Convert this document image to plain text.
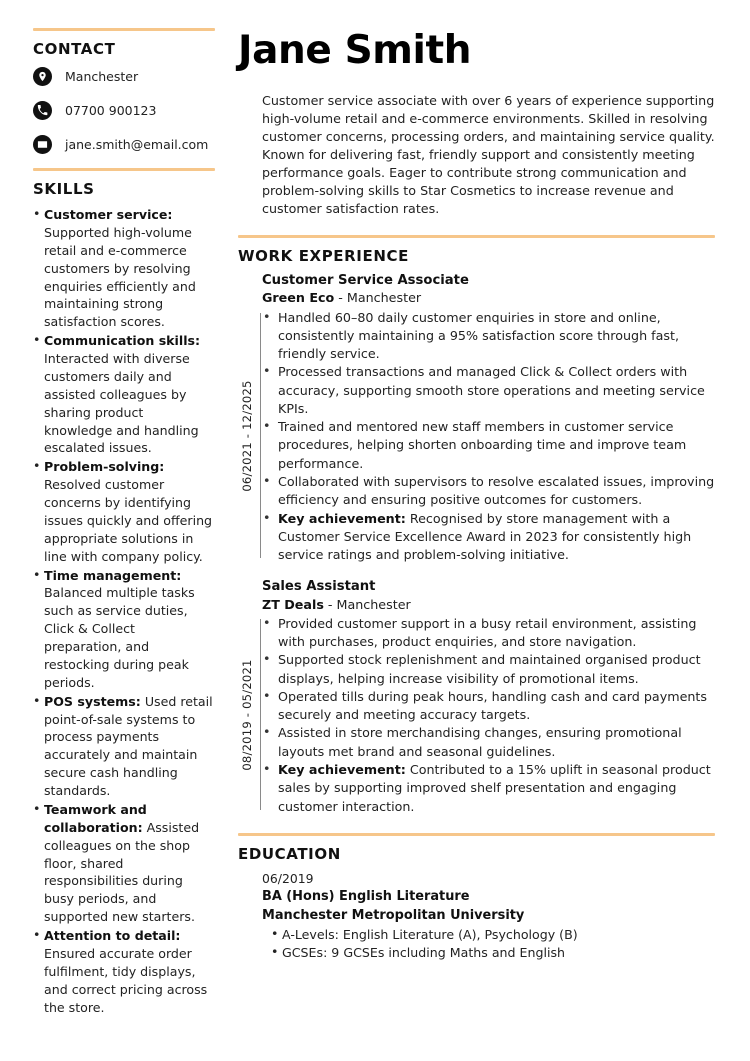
CONTACT
Manchester
07700 900123
jane.smith@email.com
SKILLS
• Customer service: Supported high-volume retail and e-commerce customers by resolving enquiries efficiently and maintaining strong satisfaction scores.
• Communication skills: Interacted with diverse customers daily and assisted colleagues by sharing product knowledge and handling escalated issues.
• Problem-solving: Resolved customer concerns by identifying issues quickly and offering appropriate solutions in line with company policy.
• Time management: Balanced multiple tasks such as service duties, Click & Collect preparation, and restocking during peak periods.
• POS systems: Used retail point-of-sale systems to process payments accurately and maintain secure cash handling standards.
• Teamwork and collaboration: Assisted colleagues on the shop floor, shared responsibilities during busy periods, and supported new starters.
• Attention to detail: Ensured accurate order fulfilment, tidy displays, and correct pricing across the store.
Jane Smith

Customer service associate with over 6 years of experience supporting high-volume retail and e-commerce environments. Skilled in resolving customer concerns, processing orders, and maintaining service quality. Known for delivering fast, friendly support and consistently meeting performance goals. Eager to contribute strong communication and problem-solving skills to Star Cosmetics to increase revenue and customer satisfaction rates.

WORK EXPERIENCE
Customer Service Associate
Green Eco - Manchester
06/2021 - 12/2025
• Handled 60–80 daily customer enquiries in store and online, consistently maintaining a 95% satisfaction score through fast, friendly service.
• Processed transactions and managed Click & Collect orders with accuracy, supporting smooth store operations and meeting service KPIs.
• Trained and mentored new staff members in customer service procedures, helping shorten onboarding time and improve team performance.
• Collaborated with supervisors to resolve escalated issues, improving efficiency and ensuring positive outcomes for customers.
• Key achievement: Recognised by store management with a Customer Service Excellence Award in 2023 for consistently high service ratings and problem-solving initiative.
Sales Assistant
ZT Deals - Manchester
08/2019 - 05/2021
• Provided customer support in a busy retail environment, assisting with purchases, product enquiries, and store navigation.
• Supported stock replenishment and maintained organised product displays, helping increase visibility of promotional items.
• Operated tills during peak hours, handling cash and card payments securely and meeting accuracy targets.
• Assisted in store merchandising changes, ensuring promotional layouts met brand and seasonal guidelines.
• Key achievement: Contributed to a 15% uplift in seasonal product sales by supporting improved shelf presentation and engaging customer interaction.
EDUCATION
06/2019
BA (Hons) English Literature
Manchester Metropolitan University
• A-Levels: English Literature (A), Psychology (B)
• GCSEs: 9 GCSEs including Maths and English
